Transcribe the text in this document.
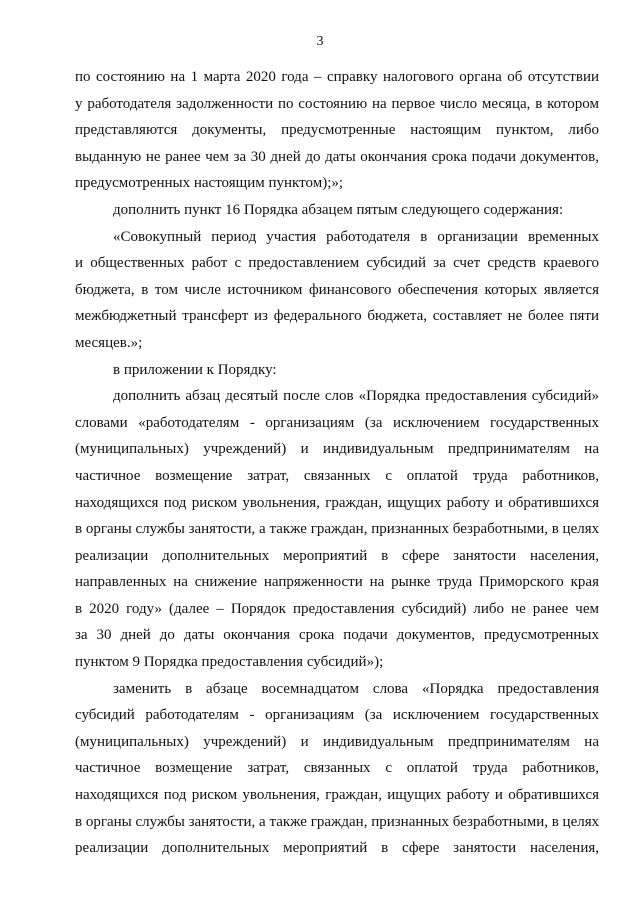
3
по состоянию на 1 марта 2020 года – справку налогового органа об отсутствии
у работодателя задолженности по состоянию на первое число месяца, в котором
представляются документы, предусмотренные настоящим пунктом, либо
выданную не ранее чем за 30 дней до даты окончания срока подачи документов,
предусмотренных настоящим пунктом);»;
дополнить пункт 16 Порядка абзацем пятым следующего содержания:
«Совокупный период участия работодателя в организации временных
и общественных работ с предоставлением субсидий за счет средств краевого
бюджета, в том числе источником финансового обеспечения которых является
межбюджетный трансферт из федерального бюджета, составляет не более пяти
месяцев.»;
в приложении к Порядку:
дополнить абзац десятый после слов «Порядка предоставления субсидий»
словами «работодателям - организациям (за исключением государственных
(муниципальных) учреждений) и индивидуальным предпринимателям на
частичное возмещение затрат, связанных с оплатой труда работников,
находящихся под риском увольнения, граждан, ищущих работу и обратившихся
в органы службы занятости, а также граждан, признанных безработными, в целях
реализации дополнительных мероприятий в сфере занятости населения,
направленных на снижение напряженности на рынке труда Приморского края
в 2020 году» (далее – Порядок предоставления субсидий) либо не ранее чем
за 30 дней до даты окончания срока подачи документов, предусмотренных
пунктом 9 Порядка предоставления субсидий»);
заменить в абзаце восемнадцатом слова «Порядка предоставления
субсидий работодателям - организациям (за исключением государственных
(муниципальных) учреждений) и индивидуальным предпринимателям на
частичное возмещение затрат, связанных с оплатой труда работников,
находящихся под риском увольнения, граждан, ищущих работу и обратившихся
в органы службы занятости, а также граждан, признанных безработными, в целях
реализации дополнительных мероприятий в сфере занятости населения,
